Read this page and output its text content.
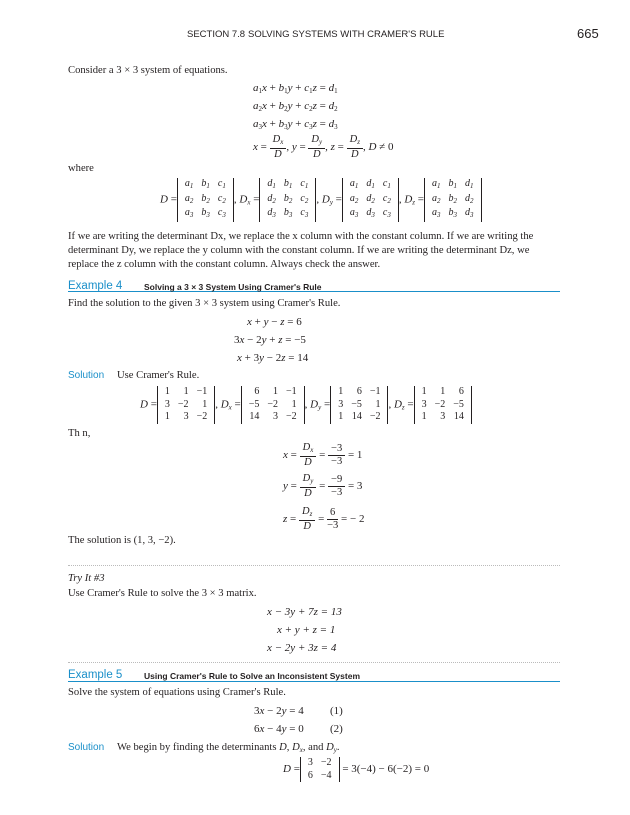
SECTION 7.8 SOLVING SYSTEMS WITH CRAMER'S RULE	665
Consider a 3 × 3 system of equations.
$a_1x + b_1y + c_1z = d_1$
$a_2x + b_2y + c_2z = d_2$
$a_3x + b_3y + c_3z = d_3$
$x = \frac{D_x}{D}$ , $y = \frac{D_y}{D}$ , $z = \frac{D_z}{D}$ , D ≠ 0
where
D =
$a_1$	$b_1$	$c_1$
$a_2$	$b_2$	$c_2$
$a_3$	$b_3$	$c_3$
, $D_x$ =
$d_1$	$b_1$	$c_1$
$d_2$	$b_2$	$c_2$
$d_3$	$b_3$	$c_3$
, $D_y$ =
$a_1$	$d_1$	$c_1$
$a_2$	$d_2$	$c_2$
$a_3$	$d_3$	$c_3$
, $D_z$ =
$a_1$	$b_1$	$d_1$
$a_2$	$b_2$	$d_2$
$a_3$	$b_3$	$d_3$
If we are writing the determinant Dx, we replace the x column with the constant column. If we are writing the determinant Dy, we replace the y column with the constant column. If we are writing the determinant Dz, we replace the z column with the constant column. Always check the answer.
Example 4	Solving a 3 × 3 System Using Cramer's Rule
Find the solution to the given 3 × 3 system using Cramer's Rule.
x + y − z = 6
3x − 2y + z = −5
x + 3y − 2z = 14
Solution Use Cramer's Rule.
D =
1	1	−1
3	−2	1
1	3	−2
, $D_x$ =
6	1	−1
−5	−2	1
14	3	−2
, $D_y$ =
1	6	−1
3	−5	1
1	14	−2
, $D_z$ =
1	1	6
3	−2	−5
1	3	14
Th n,
$x = \frac{D_x}{D} = \frac{-3}{-3} = 1$
$y = \frac{D_y}{D} = \frac{-9}{-3} = 3$
$z = \frac{D_z}{D} = \frac{6}{-3}$ = − 2
The solution is (1, 3, −2).
Try It #3
Use Cramer's Rule to solve the 3 × 3 matrix.
x − 3y + 7z = 13
x + y + z = 1
x − 2y + 3z = 4
Example 5	Using Cramer's Rule to Solve an Inconsistent System
Solve the system of equations using Cramer's Rule.
3x − 2y = 4 (1)
6x − 4y = 0 (2)
Solution We begin by finding the determinants D, $D_x$, and $D_y$.
D =
3	−2
6	−4 = 3(−4) − 6(−2) = 0
